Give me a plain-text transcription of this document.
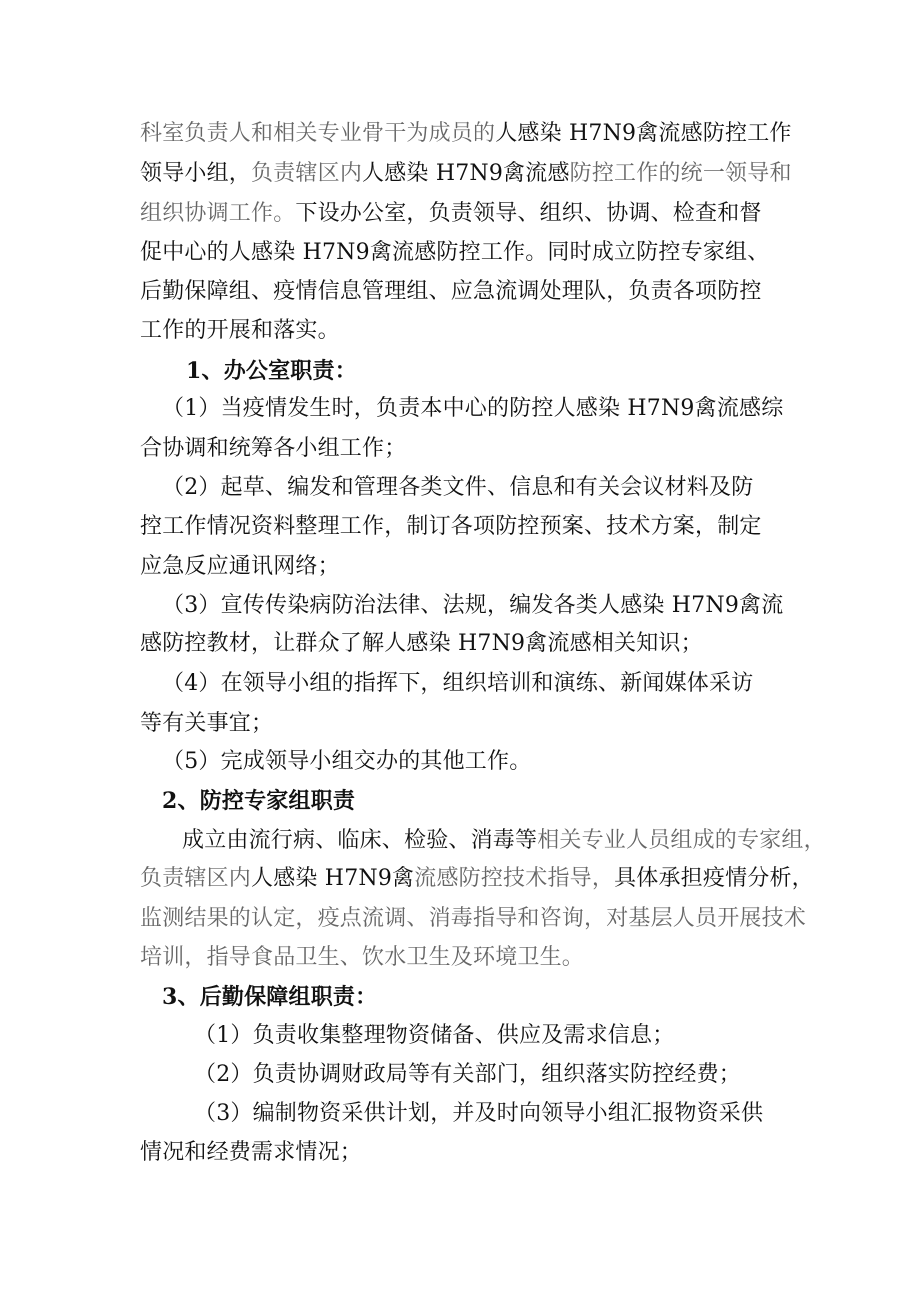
科室负责人和相关专业骨干为成员的人感染 H7N9禽流感防控工作
领导小组，负责辖区内人感染 H7N9禽流感防控工作的统一领导和
组织协调工作。下设办公室，负责领导、组织、协调、检查和督
促中心的人感染 H7N9禽流感防控工作。同时成立防控专家组、
后勤保障组、疫情信息管理组、应急流调处理队，负责各项防控
工作的开展和落实。
1、办公室职责：
（1）当疫情发生时，负责本中心的防控人感染 H7N9禽流感综
合协调和统筹各小组工作；
（2）起草、编发和管理各类文件、信息和有关会议材料及防
控工作情况资料整理工作，制订各项防控预案、技术方案，制定
应急反应通讯网络；
（3）宣传传染病防治法律、法规，编发各类人感染 H7N9禽流
感防控教材，让群众了解人感染 H7N9禽流感相关知识；
（4）在领导小组的指挥下，组织培训和演练、新闻媒体采访
等有关事宜；
（5）完成领导小组交办的其他工作。
2、防控专家组职责
成立由流行病、临床、检验、消毒等相关专业人员组成的专家组，
负责辖区内人感染 H7N9禽流感防控技术指导，具体承担疫情分析，
监测结果的认定，疫点流调、消毒指导和咨询，对基层人员开展技术
培训，指导食品卫生、饮水卫生及环境卫生。
3、后勤保障组职责：
（1）负责收集整理物资储备、供应及需求信息；
（2）负责协调财政局等有关部门，组织落实防控经费；
（3）编制物资采供计划，并及时向领导小组汇报物资采供
情况和经费需求情况；
